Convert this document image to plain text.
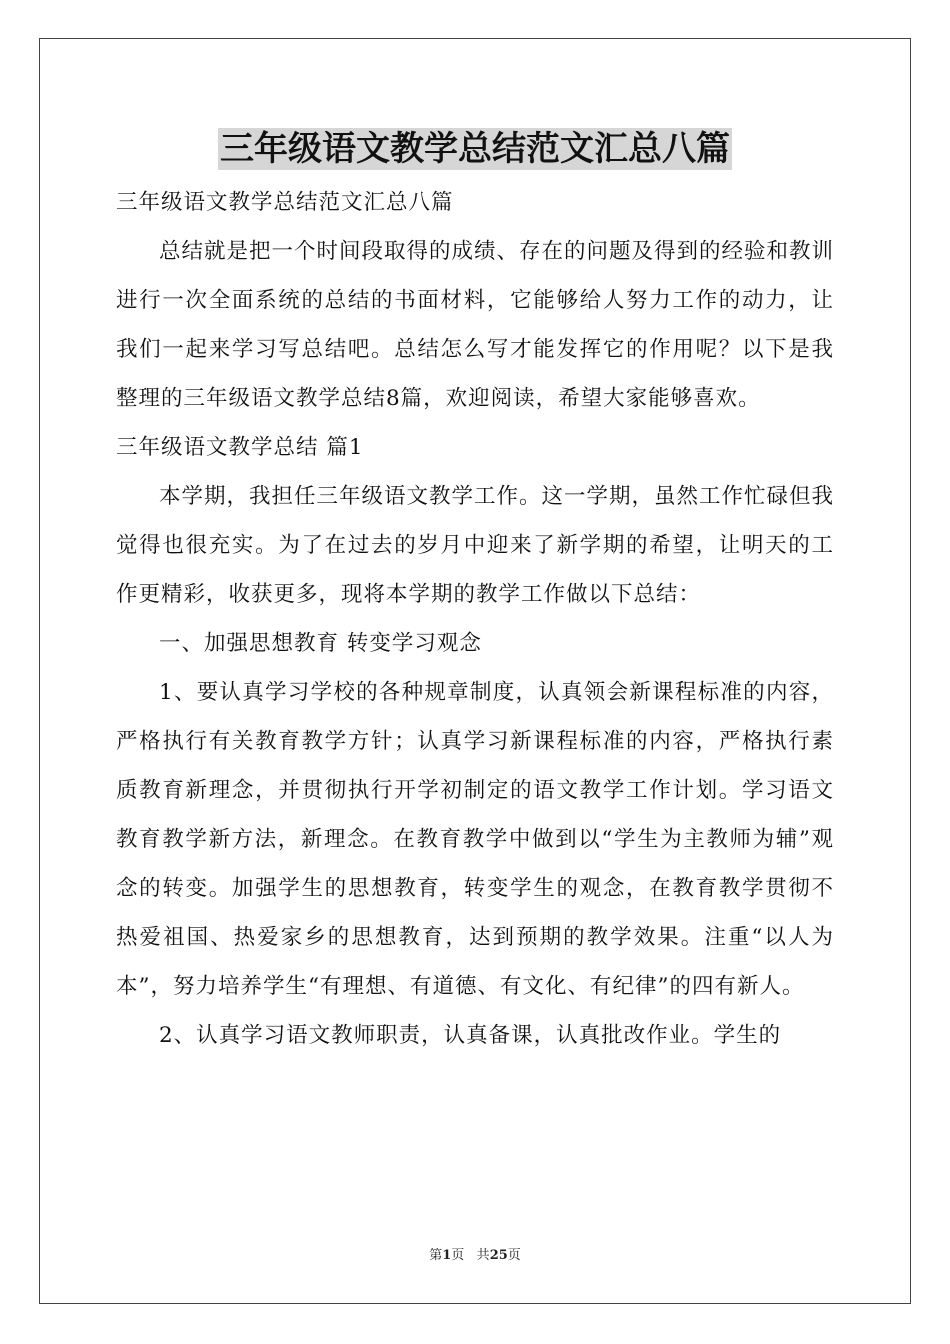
三年级语文教学总结范文汇总八篇

三年级语文教学总结范文汇总八篇

总结就是把一个时间段取得的成绩、存在的问题及得到的经验和教训进行一次全面系统的总结的书面材料，它能够给人努力工作的动力，让我们一起来学习写总结吧。总结怎么写才能发挥它的作用呢？以下是我整理的三年级语文教学总结8篇，欢迎阅读，希望大家能够喜欢。

三年级语文教学总结 篇1

本学期，我担任三年级语文教学工作。这一学期，虽然工作忙碌但我觉得也很充实。为了在过去的岁月中迎来了新学期的希望，让明天的工作更精彩，收获更多，现将本学期的教学工作做以下总结：

一、加强思想教育 转变学习观念

1、要认真学习学校的各种规章制度，认真领会新课程标准的内容，严格执行有关教育教学方针；认真学习新课程标准的内容，严格执行素质教育新理念，并贯彻执行开学初制定的语文教学工作计划。学习语文教育教学新方法，新理念。在教育教学中做到以“学生为主教师为辅”观念的转变。加强学生的思想教育，转变学生的观念，在教育教学贯彻不热爱祖国、热爱家乡的思想教育，达到预期的教学效果。注重“以人为本”，努力培养学生“有理想、有道德、有文化、有纪律”的四有新人。

2、认真学习语文教师职责，认真备课，认真批改作业。学生的

第1页 共25页
